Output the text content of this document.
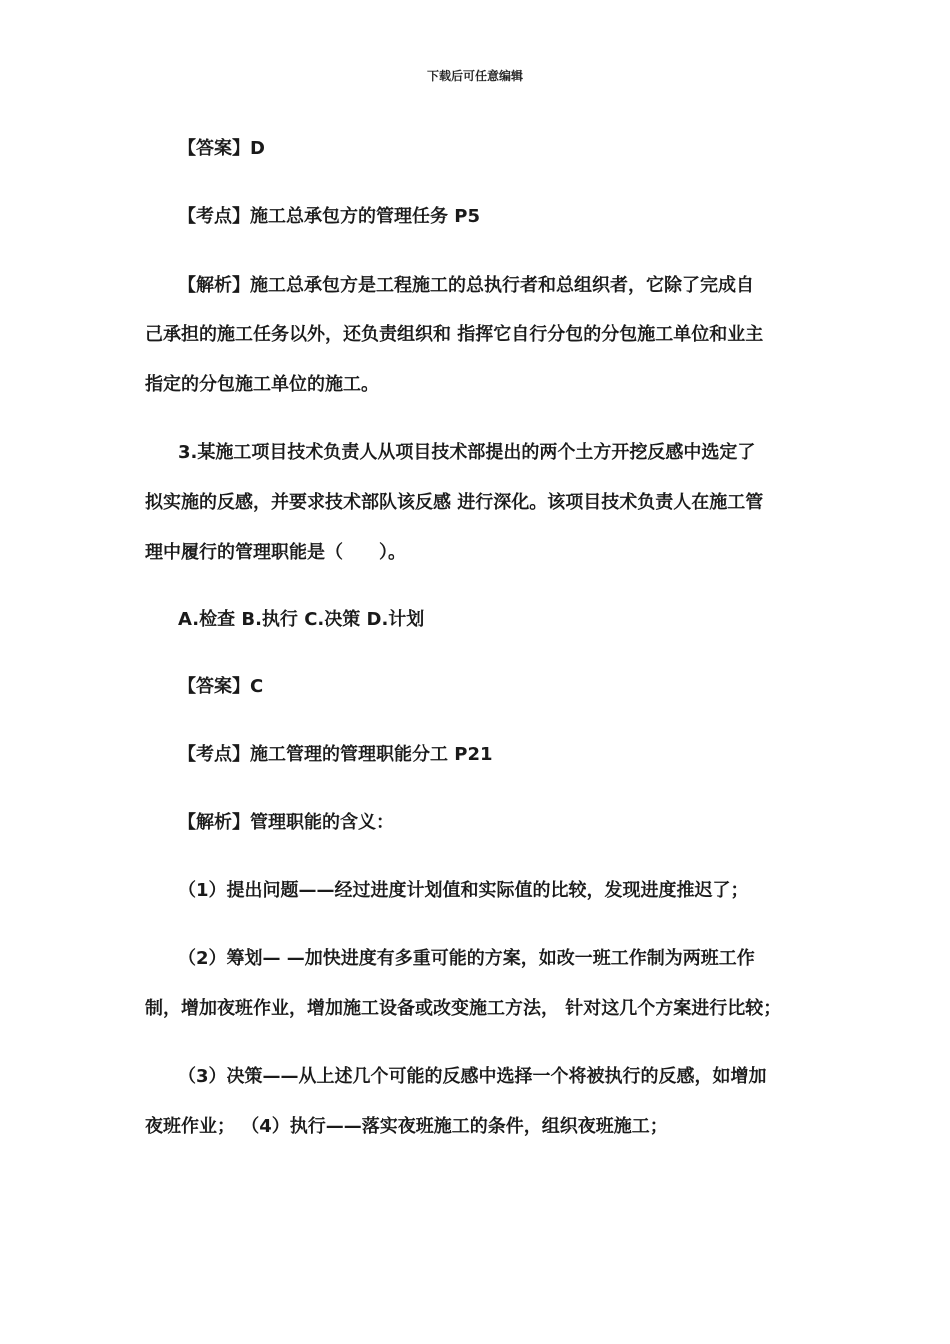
下载后可任意编辑
【答案】D
【考点】施工总承包方的管理任务 P5
【解析】施工总承包方是工程施工的总执行者和总组织者，它除了完成自
己承担的施工任务以外，还负责组织和 指挥它自行分包的分包施工单位和业主
指定的分包施工单位的施工。
3.某施工项目技术负责人从项目技术部提出的两个土方开挖反感中选定了
拟实施的反感，并要求技术部队该反感 进行深化。该项目技术负责人在施工管
理中履行的管理职能是（　　）。
A.检查 B.执行 C.决策 D.计划
【答案】C
【考点】施工管理的管理职能分工 P21
【解析】管理职能的含义：
（1）提出问题——经过进度计划值和实际值的比较，发现进度推迟了；
（2）筹划— —加快进度有多重可能的方案，如改一班工作制为两班工作
制，增加夜班作业，增加施工设备或改变施工方法， 针对这几个方案进行比较；
（3）决策——从上述几个可能的反感中选择一个将被执行的反感，如增加
夜班作业； （4）执行——落实夜班施工的条件，组织夜班施工；
